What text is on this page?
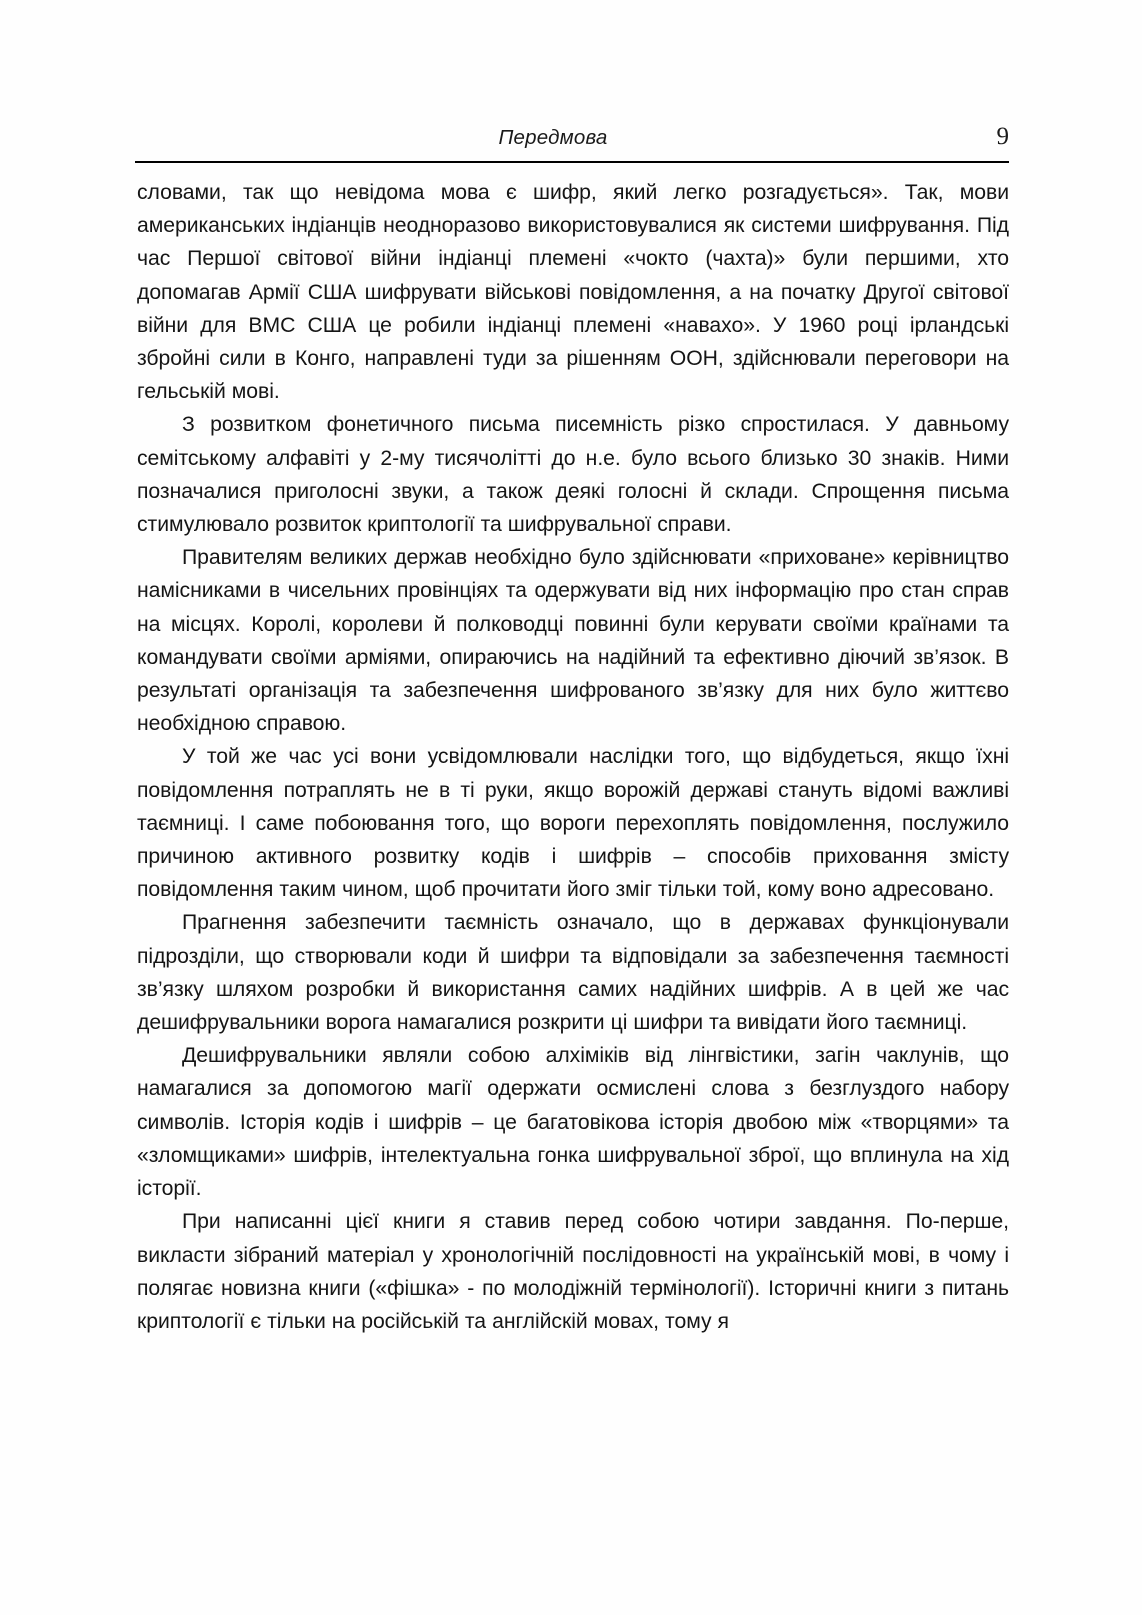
Передмова	9

словами, так що невідома мова є шифр, який легко розгадується». Так, мови американських індіанців неодноразово використовувалися як системи шифрування. Під час Першої світової війни індіанці племені «чокто (чахта)» були першими, хто допомагав Армії США шифрувати військові повідомлення, а на початку Другої світової війни для ВМС США це робили індіанці племені «навахо». У 1960 році ірландські збройні сили в Конго, направлені туди за рішенням ООН, здійснювали переговори на гельській мові.

З розвитком фонетичного письма писемність різко спростилася. У давньому семітському алфавіті у 2-му тисячолітті до н.е. було всього близько 30 знаків. Ними позначалися приголосні звуки, а також деякі голосні й склади. Спрощення письма стимулювало розвиток криптології та шифрувальної справи.

Правителям великих держав необхідно було здійснювати «приховане» керівництво намісниками в чисельних провінціях та одержувати від них інформацію про стан справ на місцях. Королі, королеви й полководці повинні були керувати своїми країнами та командувати своїми арміями, опираючись на надійний та ефективно діючий зв’язок. В результаті організація та забезпечення шифрованого зв’язку для них було життєво необхідною справою.

У той же час усі вони усвідомлювали наслідки того, що відбудеться, якщо їхні повідомлення потраплять не в ті руки, якщо ворожій державі стануть відомі важливі таємниці. І саме побоювання того, що вороги перехоплять повідомлення, послужило причиною активного розвитку кодів і шифрів – способів приховання змісту повідомлення таким чином, щоб прочитати його зміг тільки той, кому воно адресовано.

Прагнення забезпечити таємність означало, що в державах функціонували підрозділи, що створювали коди й шифри та відповідали за забезпечення таємності зв’язку шляхом розробки й використання самих надійних шифрів. А в цей же час дешифрувальники ворога намагалися розкрити ці шифри та вивідати його таємниці.

Дешифрувальники являли собою алхіміків від лінгвістики, загін чаклунів, що намагалися за допомогою магії одержати осмислені слова з безглуздого набору символів. Історія кодів і шифрів – це багатовікова історія двобою між «творцями» та «зломщиками» шифрів, інтелектуальна гонка шифрувальної зброї, що вплинула на хід історії.

При написанні цієї книги я ставив перед собою чотири завдання. По-перше, викласти зібраний матеріал у хронологічній послідовності на українській мові, в чому і полягає новизна книги («фішка» - по молодіжній термінології). Історичні книги з питань криптології є тільки на російській та англійскій мовах, тому я
